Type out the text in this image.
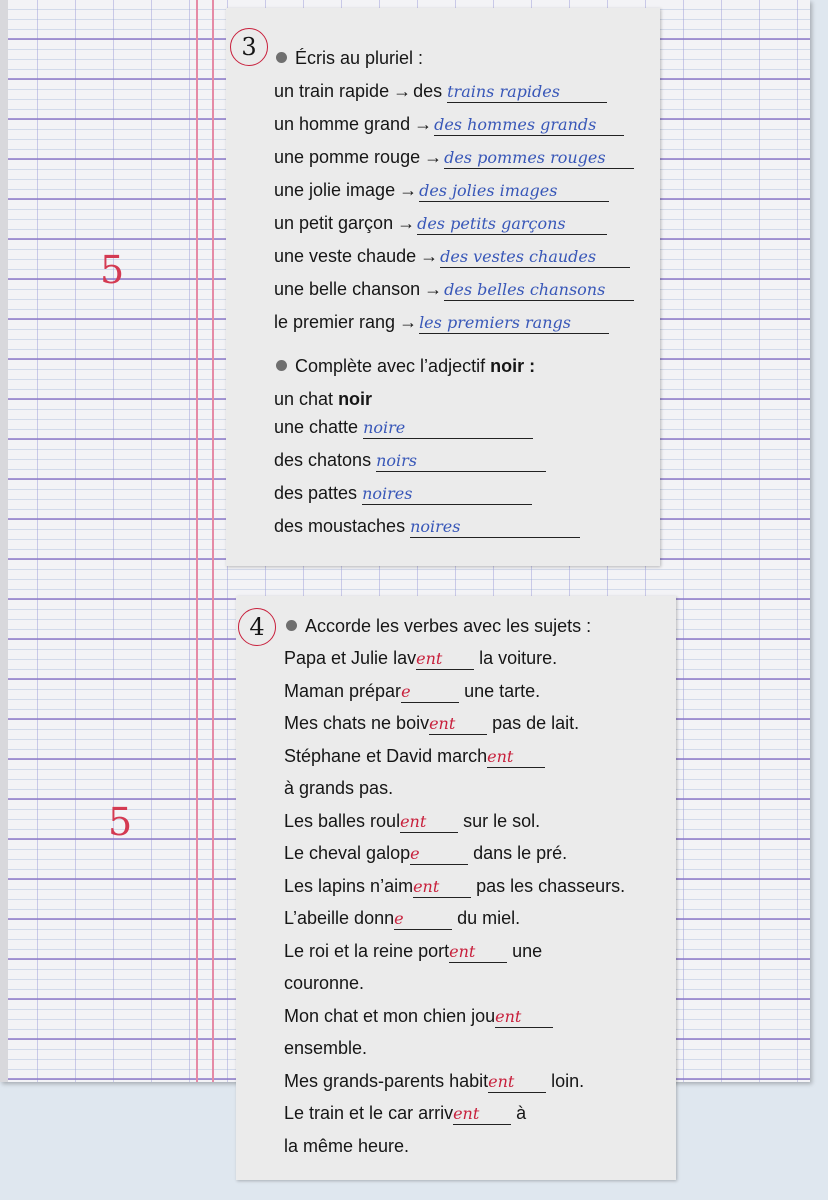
5
5
3	Écris au pluriel :
un train rapide → des trains rapides
un homme grand → des hommes grands
une pomme rouge → des pommes rouges
une jolie image → des jolies images
un petit garçon → des petits garçons
une veste chaude → des vestes chaudes
une belle chanson → des belles chansons
le premier rang → les premiers rangs
Complète avec l’adjectif noir :
un chat noir
une chatte noire
des chatons noirs
des pattes noires
des moustaches noires
4	Accorde les verbes avec les sujets :
Papa et Julie lavent la voiture.
Maman prépare	une tarte.
Mes chats ne boivent pas de lait.
Stéphane et David marchent
à grands pas.
Les balles roulent sur le sol.
Le cheval galope	dans le pré.
Les lapins n’aiment pas les chasseurs.
L’abeille donne	du miel.
Le roi et la reine portent une
couronne.
Mon chat et mon chien jouent
ensemble.
Mes grands-parents habitent loin.
Le train et le car arrivent à
la même heure.
